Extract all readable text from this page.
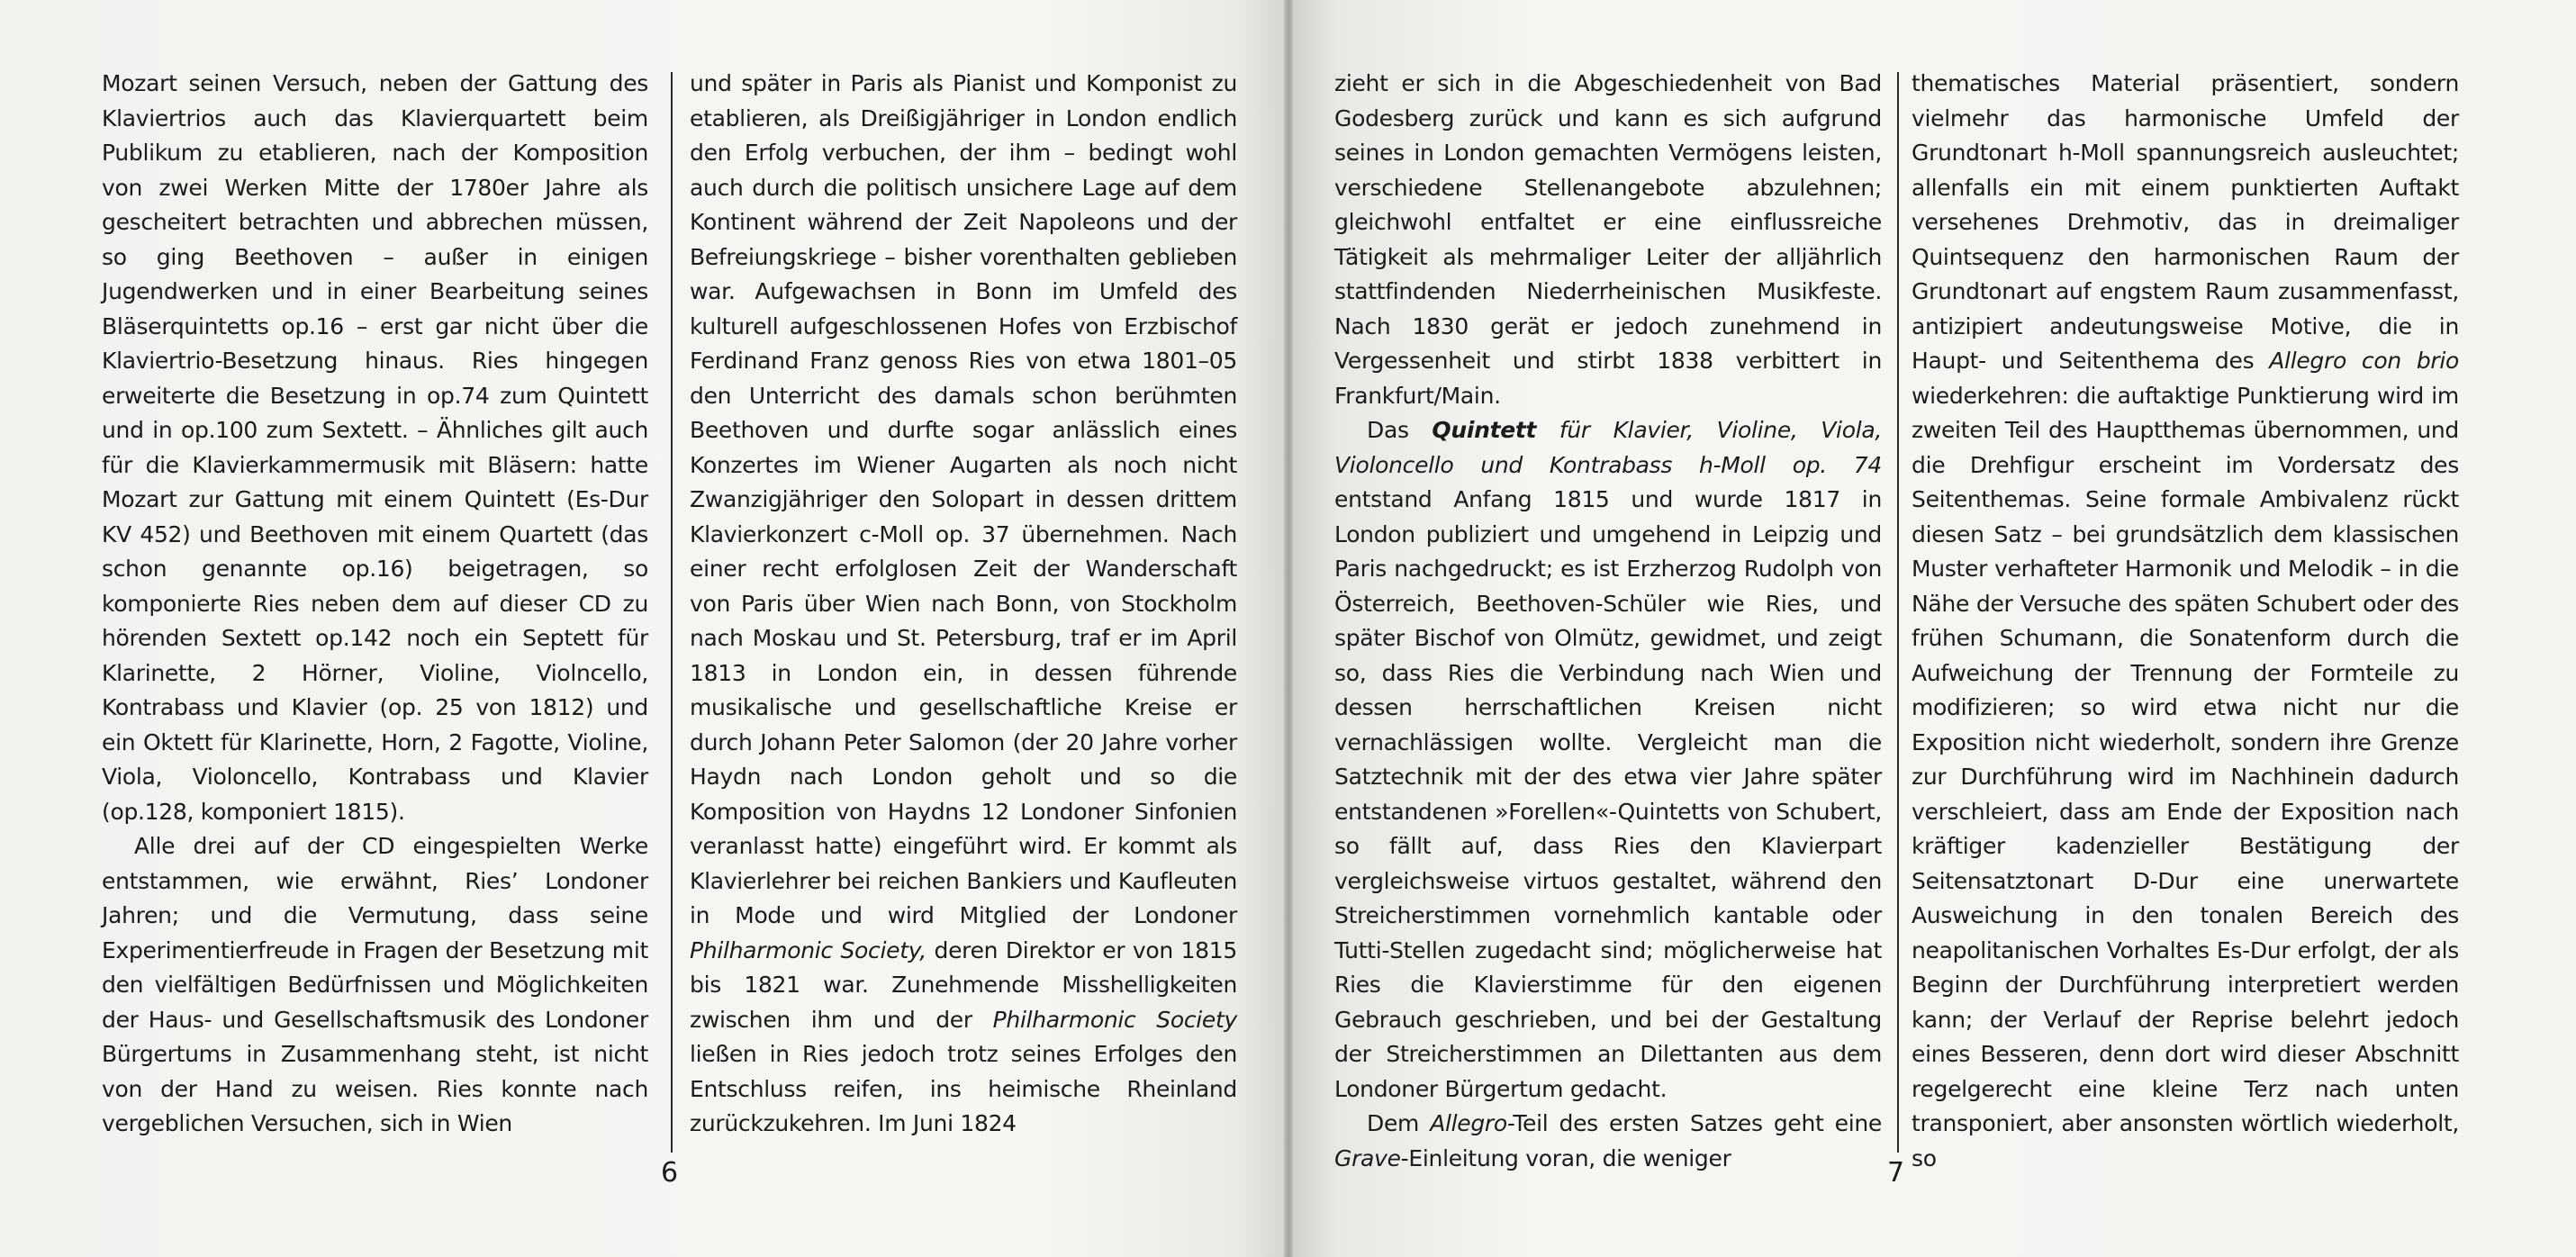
Mozart seinen Versuch, neben der Gattung des Klaviertrios auch das Klavierquartett beim Publikum zu etablieren, nach der Komposition von zwei Werken Mitte der 1780er Jahre als gescheitert betrachten und abbrechen müssen, so ging Beethoven – außer in einigen Jugendwerken und in einer Bearbeitung seines Bläserquintetts op.16 – erst gar nicht über die Klaviertrio-Besetzung hinaus. Ries hingegen erweiterte die Besetzung in op.74 zum Quintett und in op.100 zum Sextett. – Ähnliches gilt auch für die Klavierkammermusik mit Bläsern: hatte Mozart zur Gattung mit einem Quintett (Es-Dur KV 452) und Beethoven mit einem Quartett (das schon genannte op.16) beigetragen, so komponierte Ries neben dem auf dieser CD zu hörenden Sextett op.142 noch ein Septett für Klarinette, 2 Hörner, Violine, Violncello, Kontrabass und Klavier (op. 25 von 1812) und ein Oktett für Klarinette, Horn, 2 Fagotte, Violine, Viola, Violoncello, Kontrabass und Klavier (op.128, komponiert 1815).

Alle drei auf der CD eingespielten Werke entstammen, wie erwähnt, Ries’ Londoner Jahren; und die Vermutung, dass seine Experimentierfreude in Fragen der Besetzung mit den vielfältigen Bedürfnissen und Möglichkeiten der Haus- und Gesellschaftsmusik des Londoner Bürgertums in Zusammenhang steht, ist nicht von der Hand zu weisen. Ries konnte nach vergeblichen Versuchen, sich in Wien

und später in Paris als Pianist und Komponist zu etablieren, als Dreißigjähriger in London endlich den Erfolg verbuchen, der ihm – bedingt wohl auch durch die politisch unsichere Lage auf dem Kontinent während der Zeit Napoleons und der Befreiungskriege – bisher vorenthalten geblieben war. Aufgewachsen in Bonn im Umfeld des kulturell aufgeschlossenen Hofes von Erzbischof Ferdinand Franz genoss Ries von etwa 1801–05 den Unterricht des damals schon berühmten Beethoven und durfte sogar anlässlich eines Konzertes im Wiener Augarten als noch nicht Zwanzigjähriger den Solopart in dessen drittem Klavierkonzert c-Moll op. 37 übernehmen. Nach einer recht erfolglosen Zeit der Wanderschaft von Paris über Wien nach Bonn, von Stockholm nach Moskau und St. Petersburg, traf er im April 1813 in London ein, in dessen führende musikalische und gesellschaftliche Kreise er durch Johann Peter Salomon (der 20 Jahre vorher Haydn nach London geholt und so die Komposition von Haydns 12 Londoner Sinfonien veranlasst hatte) eingeführt wird. Er kommt als Klavierlehrer bei reichen Bankiers und Kaufleuten in Mode und wird Mitglied der Londoner Philharmonic Society, deren Direktor er von 1815 bis 1821 war. Zunehmende Misshelligkeiten zwischen ihm und der Philharmonic Society ließen in Ries jedoch trotz seines Erfolges den Entschluss reifen, ins heimische Rheinland zurückzukehren. Im Juni 1824

6

zieht er sich in die Abgeschiedenheit von Bad Godesberg zurück und kann es sich aufgrund seines in London gemachten Vermögens leisten, verschiedene Stellenangebote abzulehnen; gleichwohl entfaltet er eine einflussreiche Tätigkeit als mehrmaliger Leiter der alljährlich stattfindenden Niederrheinischen Musikfeste. Nach 1830 gerät er jedoch zunehmend in Vergessenheit und stirbt 1838 verbittert in Frankfurt/Main.

Das Quintett für Klavier, Violine, Viola, Violoncello und Kontrabass h-Moll op. 74 entstand Anfang 1815 und wurde 1817 in London publiziert und umgehend in Leipzig und Paris nachgedruckt; es ist Erzherzog Rudolph von Österreich, Beethoven-Schüler wie Ries, und später Bischof von Olmütz, gewidmet, und zeigt so, dass Ries die Verbindung nach Wien und dessen herrschaftlichen Kreisen nicht vernachlässigen wollte. Vergleicht man die Satztechnik mit der des etwa vier Jahre später entstandenen »Forellen«-Quintetts von Schubert, so fällt auf, dass Ries den Klavierpart vergleichsweise virtuos gestaltet, während den Streicherstimmen vornehmlich kantable oder Tutti-Stellen zugedacht sind; möglicherweise hat Ries die Klavierstimme für den eigenen Gebrauch geschrieben, und bei der Gestaltung der Streicherstimmen an Dilettanten aus dem Londoner Bürgertum gedacht.

Dem Allegro-Teil des ersten Satzes geht eine Grave-Einleitung voran, die weniger

thematisches Material präsentiert, sondern vielmehr das harmonische Umfeld der Grundtonart h-Moll spannungsreich ausleuchtet; allenfalls ein mit einem punktierten Auftakt versehenes Drehmotiv, das in dreimaliger Quintsequenz den harmonischen Raum der Grundtonart auf engstem Raum zusammenfasst, antizipiert andeutungsweise Motive, die in Haupt- und Seitenthema des Allegro con brio wiederkehren: die auftaktige Punktierung wird im zweiten Teil des Hauptthemas übernommen, und die Drehfigur erscheint im Vordersatz des Seitenthemas. Seine formale Ambivalenz rückt diesen Satz – bei grundsätzlich dem klassischen Muster verhafteter Harmonik und Melodik – in die Nähe der Versuche des späten Schubert oder des frühen Schumann, die Sonatenform durch die Aufweichung der Trennung der Formteile zu modifizieren; so wird etwa nicht nur die Exposition nicht wiederholt, sondern ihre Grenze zur Durchführung wird im Nachhinein dadurch verschleiert, dass am Ende der Exposition nach kräftiger kadenzieller Bestätigung der Seitensatztonart D-Dur eine unerwartete Ausweichung in den tonalen Bereich des neapolitanischen Vorhaltes Es-Dur erfolgt, der als Beginn der Durchführung interpretiert werden kann; der Verlauf der Reprise belehrt jedoch eines Besseren, denn dort wird dieser Abschnitt regelgerecht eine kleine Terz nach unten transponiert, aber ansonsten wörtlich wiederholt, so

7
